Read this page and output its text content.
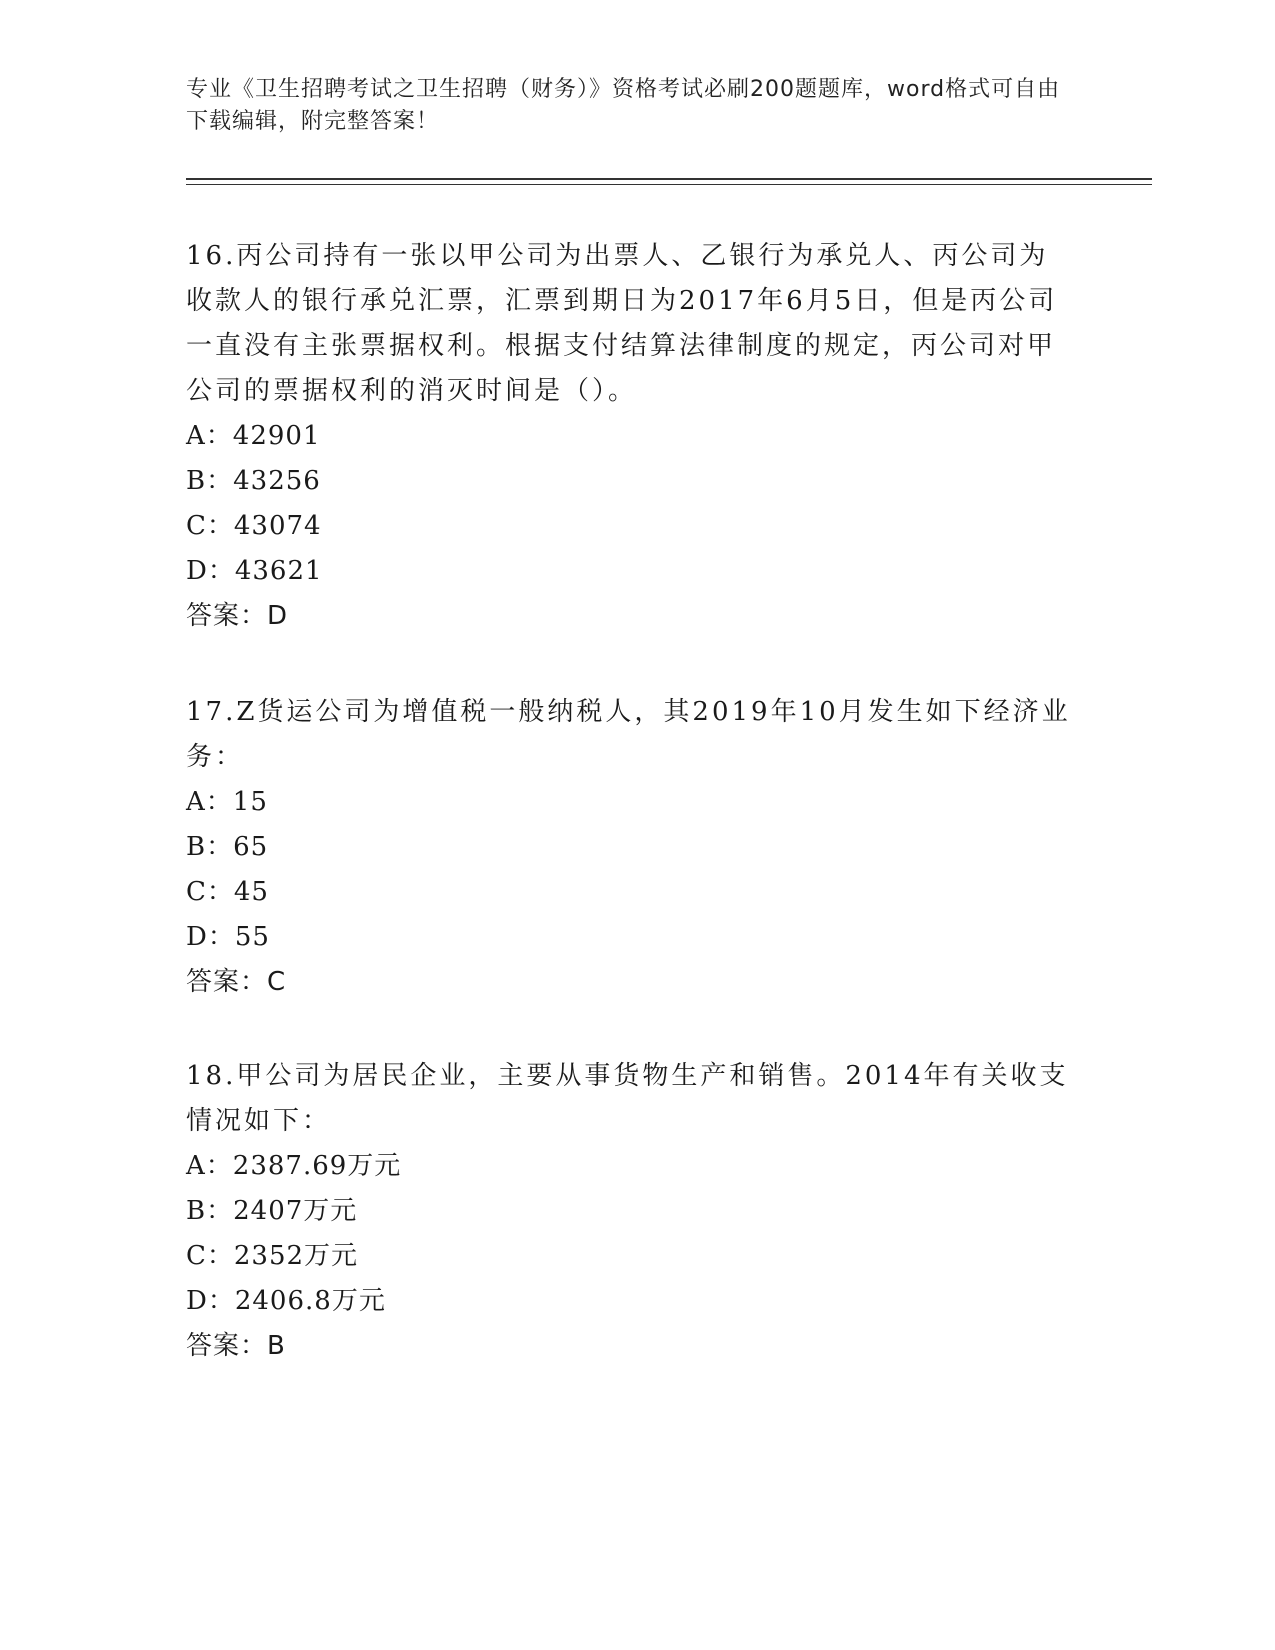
专业《卫生招聘考试之卫生招聘（财务）》资格考试必刷200题题库，word格式可自由下载编辑，附完整答案！

16.丙公司持有一张以甲公司为出票人、乙银行为承兑人、丙公司为收款人的银行承兑汇票，汇票到期日为2017年6月5日，但是丙公司一直没有主张票据权利。根据支付结算法律制度的规定，丙公司对甲公司的票据权利的消灭时间是（）。

A：42901

B：43256

C：43074

D：43621

答案：D

17.Z货运公司为增值税一般纳税人，其2019年10月发生如下经济业务：

A：15

B：65

C：45

D：55

答案：C

18.甲公司为居民企业，主要从事货物生产和销售。2014年有关收支情况如下：

A：2387.69万元

B：2407万元

C：2352万元

D：2406.8万元

答案：B
